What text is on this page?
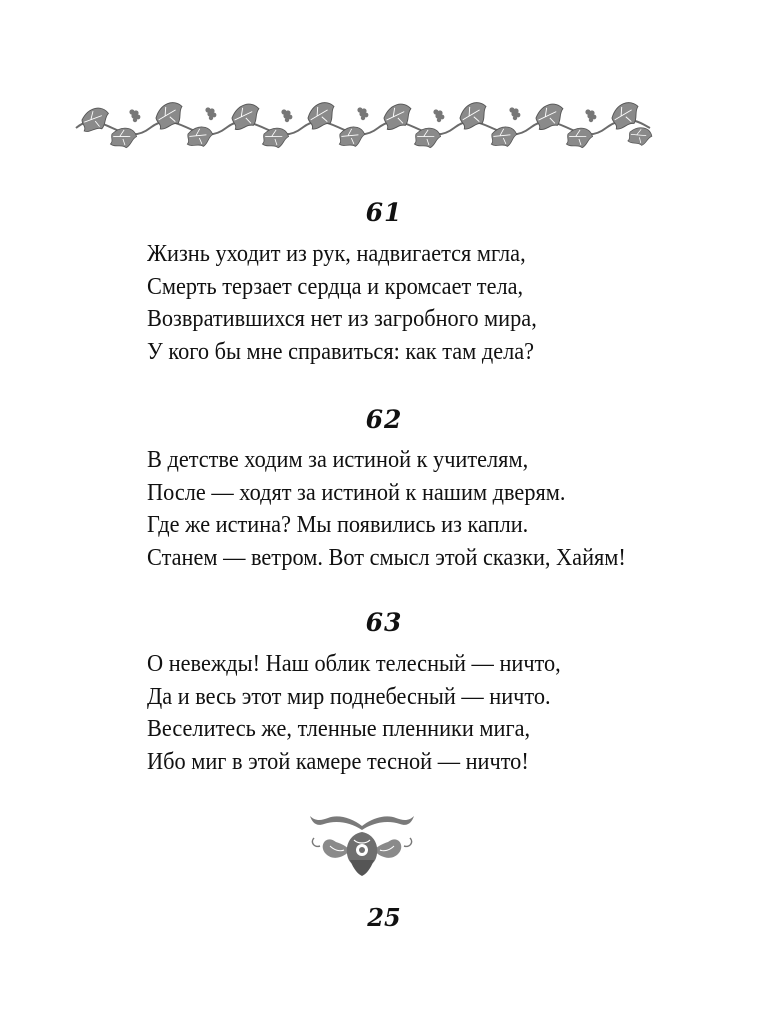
61
Жизнь уходит из рук, надвигается мгла,
Смерть терзает сердца и кромсает тела,
Возвратившихся нет из загробного мира,
У кого бы мне справиться: как там дела?
62
В детстве ходим за истиной к учителям,
После — ходят за истиной к нашим дверям.
Где же истина? Мы появились из капли.
Станем — ветром. Вот смысл этой сказки, Хайям!
63
О невежды! Наш облик телесный — ничто,
Да и весь этот мир поднебесный — ничто.
Веселитесь же, тленные пленники мига,
Ибо миг в этой камере тесной — ничто!
25
